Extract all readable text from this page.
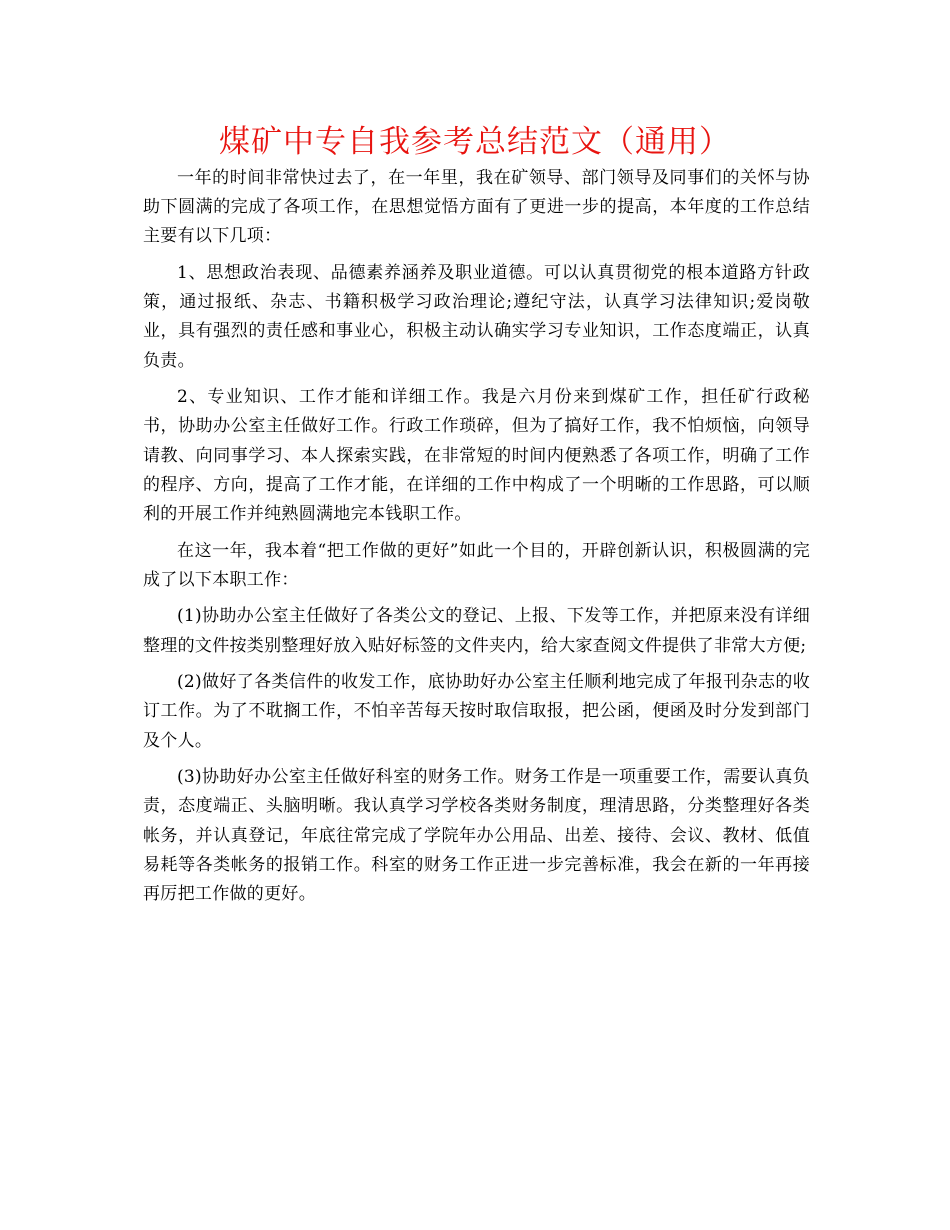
煤矿中专自我参考总结范文（通用）

一年的时间非常快过去了，在一年里，我在矿领导、部门领导及同事们的关怀与协助下圆满的完成了各项工作，在思想觉悟方面有了更进一步的提高，本年度的工作总结主要有以下几项：

1、思想政治表现、品德素养涵养及职业道德。可以认真贯彻党的根本道路方针政策，通过报纸、杂志、书籍积极学习政治理论;遵纪守法，认真学习法律知识;爱岗敬业，具有强烈的责任感和事业心，积极主动认确实学习专业知识，工作态度端正，认真负责。

2、专业知识、工作才能和详细工作。我是六月份来到煤矿工作，担任矿行政秘书，协助办公室主任做好工作。行政工作琐碎，但为了搞好工作，我不怕烦恼，向领导请教、向同事学习、本人探索实践，在非常短的时间内便熟悉了各项工作，明确了工作的程序、方向，提高了工作才能，在详细的工作中构成了一个明晰的工作思路，可以顺利的开展工作并纯熟圆满地完本钱职工作。

在这一年，我本着“把工作做的更好”如此一个目的，开辟创新认识，积极圆满的完成了以下本职工作：

(1)协助办公室主任做好了各类公文的登记、上报、下发等工作，并把原来没有详细整理的文件按类别整理好放入贴好标签的文件夹内，给大家查阅文件提供了非常大方便;

(2)做好了各类信件的收发工作，底协助好办公室主任顺利地完成了年报刊杂志的收订工作。为了不耽搁工作，不怕辛苦每天按时取信取报，把公函，便函及时分发到部门及个人。

(3)协助好办公室主任做好科室的财务工作。财务工作是一项重要工作，需要认真负责，态度端正、头脑明晰。我认真学习学校各类财务制度，理清思路，分类整理好各类帐务，并认真登记，年底往常完成了学院年办公用品、出差、接待、会议、教材、低值易耗等各类帐务的报销工作。科室的财务工作正进一步完善标准，我会在新的一年再接再厉把工作做的更好。
